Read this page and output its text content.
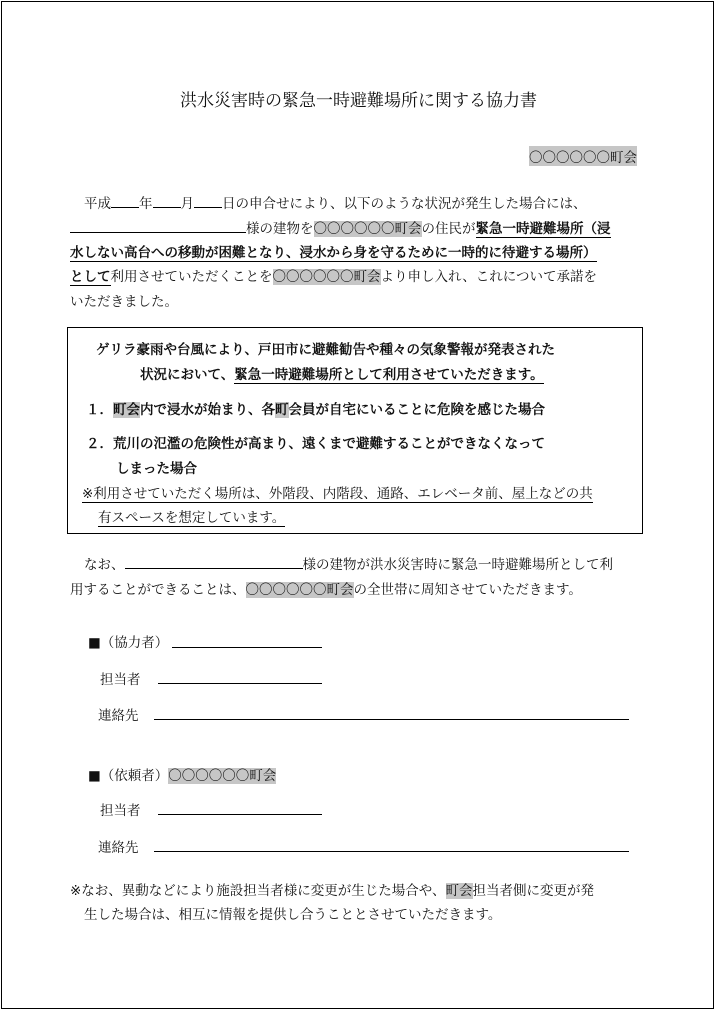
洪水災害時の緊急一時避難場所に関する協力書
〇〇〇〇〇〇町会
平成 年 月 日の申合せにより、以下のような状況が発生した場合には、
様の建物を〇〇〇〇〇〇町会の住民が緊急一時避難場所（浸
水しない高台への移動が困難となり、浸水から身を守るために一時的に待避する場所）
として利用させていただくことを〇〇〇〇〇〇町会より申し入れ、これについて承諾を
いただきました。
ゲリラ豪雨や台風により、戸田市に避難勧告や種々の気象警報が発表された
状況において、緊急一時避難場所として利用させていただきます。
１．町会内で浸水が始まり、各町会員が自宅にいることに危険を感じた場合
２．荒川の氾濫の危険性が高まり、遠くまで避難することができなくなって
しまった場合
※利用させていただく場所は、外階段、内階段、通路、エレベータ前、屋上などの共
有スペースを想定しています。
なお、	様の建物が洪水災害時に緊急一時避難場所として利
用することができることは、〇〇〇〇〇〇町会の全世帯に周知させていただきます。
■（協力者）
担当者
連絡先
■（依頼者）〇〇〇〇〇〇町会
担当者
連絡先
※なお、異動などにより施設担当者様に変更が生じた場合や、町会担当者側に変更が発
生した場合は、相互に情報を提供し合うこととさせていただきます。
